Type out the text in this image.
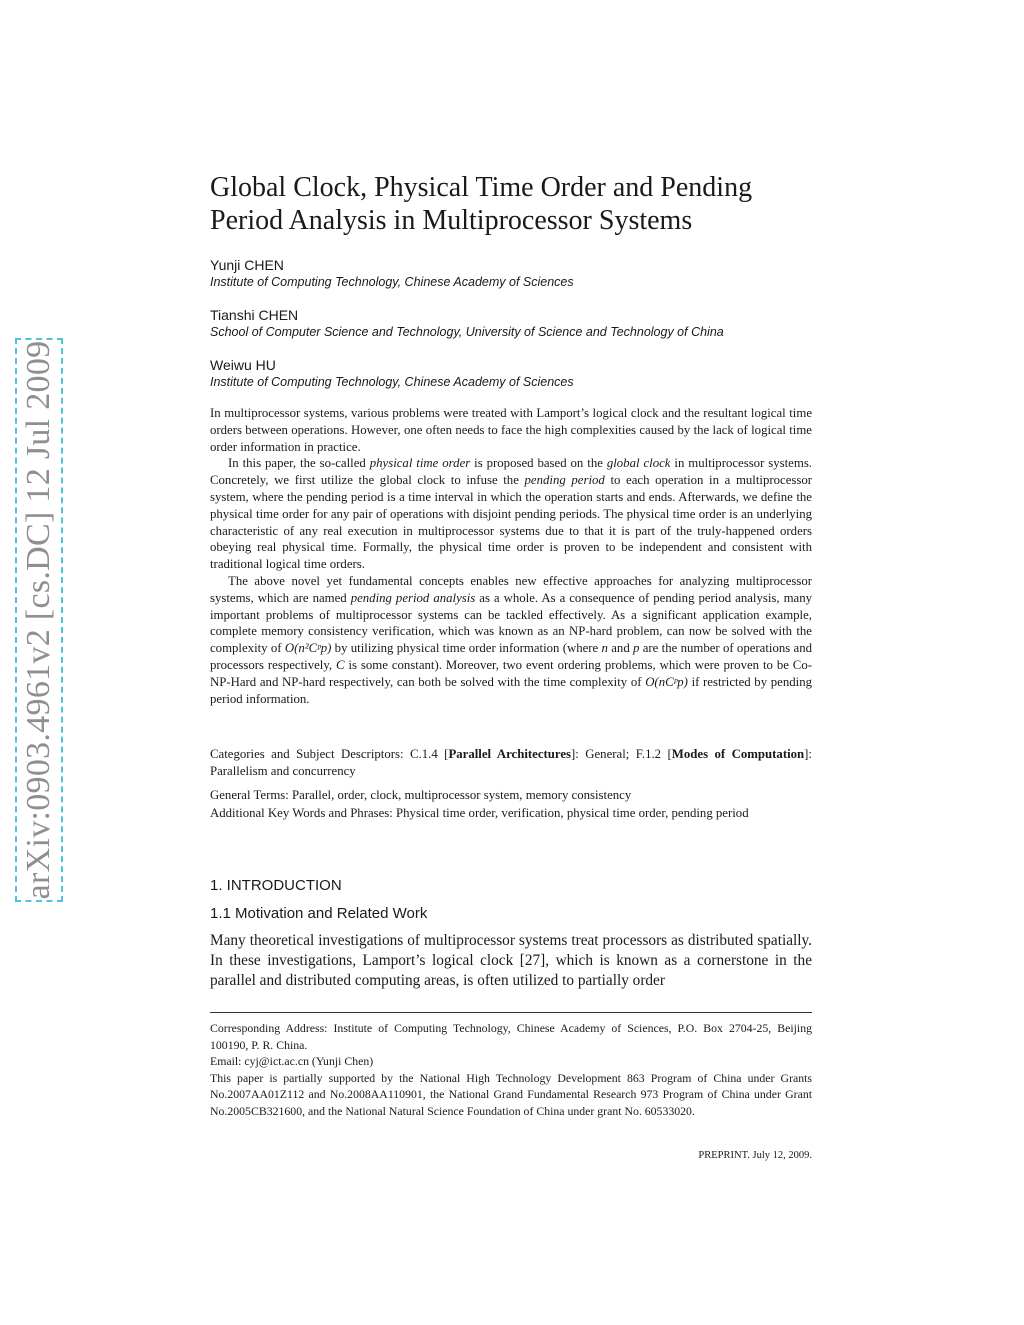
arXiv:0903.4961v2 [cs.DC] 12 Jul 2009
Global Clock, Physical Time Order and Pending
Period Analysis in Multiprocessor Systems
Yunji CHEN
Institute of Computing Technology, Chinese Academy of Sciences
Tianshi CHEN
School of Computer Science and Technology, University of Science and Technology of China
Weiwu HU
Institute of Computing Technology, Chinese Academy of Sciences

In multiprocessor systems, various problems were treated with Lamport’s logical clock and the resultant logical time orders between operations. However, one often needs to face the high complexities caused by the lack of logical time order information in practice.

In this paper, the so-called physical time order is proposed based on the global clock in multiprocessor systems. Concretely, we first utilize the global clock to infuse the pending period to each operation in a multiprocessor system, where the pending period is a time interval in which the operation starts and ends. Afterwards, we define the physical time order for any pair of operations with disjoint pending periods. The physical time order is an underlying characteristic of any real execution in multiprocessor systems due to that it is part of the truly-happened orders obeying real physical time. Formally, the physical time order is proven to be independent and consistent with traditional logical time orders.

The above novel yet fundamental concepts enables new effective approaches for analyzing multiprocessor systems, which are named pending period analysis as a whole. As a consequence of pending period analysis, many important problems of multiprocessor systems can be tackled effectively. As a significant application example, complete memory consistency verification, which was known as an NP-hard problem, can now be solved with the complexity of O(n²Cᵖp) by utilizing physical time order information (where n and p are the number of operations and processors respectively, C is some constant). Moreover, two event ordering problems, which were proven to be Co-NP-Hard and NP-hard respectively, can both be solved with the time complexity of O(nCᵖp) if restricted by pending period information.

Categories and Subject Descriptors: C.1.4 [Parallel Architectures]: General; F.1.2 [Modes of Computation]: Parallelism and concurrency
General Terms: Parallel, order, clock, multiprocessor system, memory consistency
Additional Key Words and Phrases: Physical time order, verification, physical time order, pending period
1. INTRODUCTION
1.1 Motivation and Related Work
Many theoretical investigations of multiprocessor systems treat processors as distributed spatially. In these investigations, Lamport’s logical clock [27], which is known as a cornerstone in the parallel and distributed computing areas, is often utilized to partially order

Corresponding Address: Institute of Computing Technology, Chinese Academy of Sciences, P.O. Box 2704-25, Beijing 100190, P. R. China.

Email: cyj@ict.ac.cn (Yunji Chen)

This paper is partially supported by the National High Technology Development 863 Program of China under Grants No.2007AA01Z112 and No.2008AA110901, the National Grand Fundamental Research 973 Program of China under Grant No.2005CB321600, and the National Natural Science Foundation of China under grant No. 60533020.

PREPRINT. July 12, 2009.
